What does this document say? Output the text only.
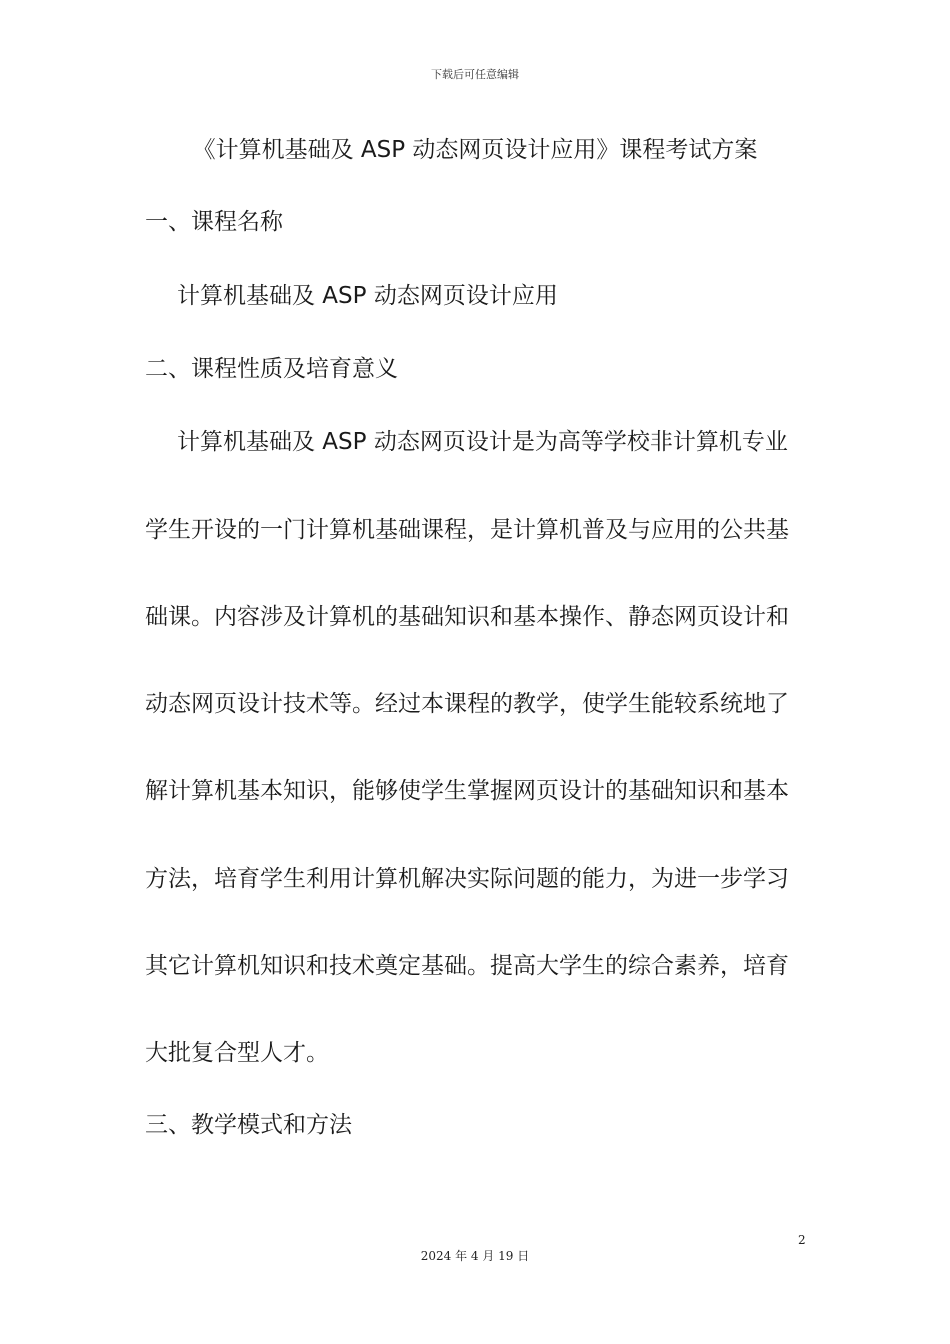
下载后可任意编辑
《计算机基础及 ASP 动态网页设计应用》课程考试方案
一、课程名称
计算机基础及 ASP 动态网页设计应用
二、课程性质及培育意义
计算机基础及 ASP 动态网页设计是为高等学校非计算机专业
学生开设的一门计算机基础课程，是计算机普及与应用的公共基
础课。内容涉及计算机的基础知识和基本操作、静态网页设计和
动态网页设计技术等。经过本课程的教学，使学生能较系统地了
解计算机基本知识，能够使学生掌握网页设计的基础知识和基本
方法，培育学生利用计算机解决实际问题的能力，为进一步学习
其它计算机知识和技术奠定基础。提高大学生的综合素养，培育
大批复合型人才。
三、教学模式和方法
2
2024 年 4 月 19 日
